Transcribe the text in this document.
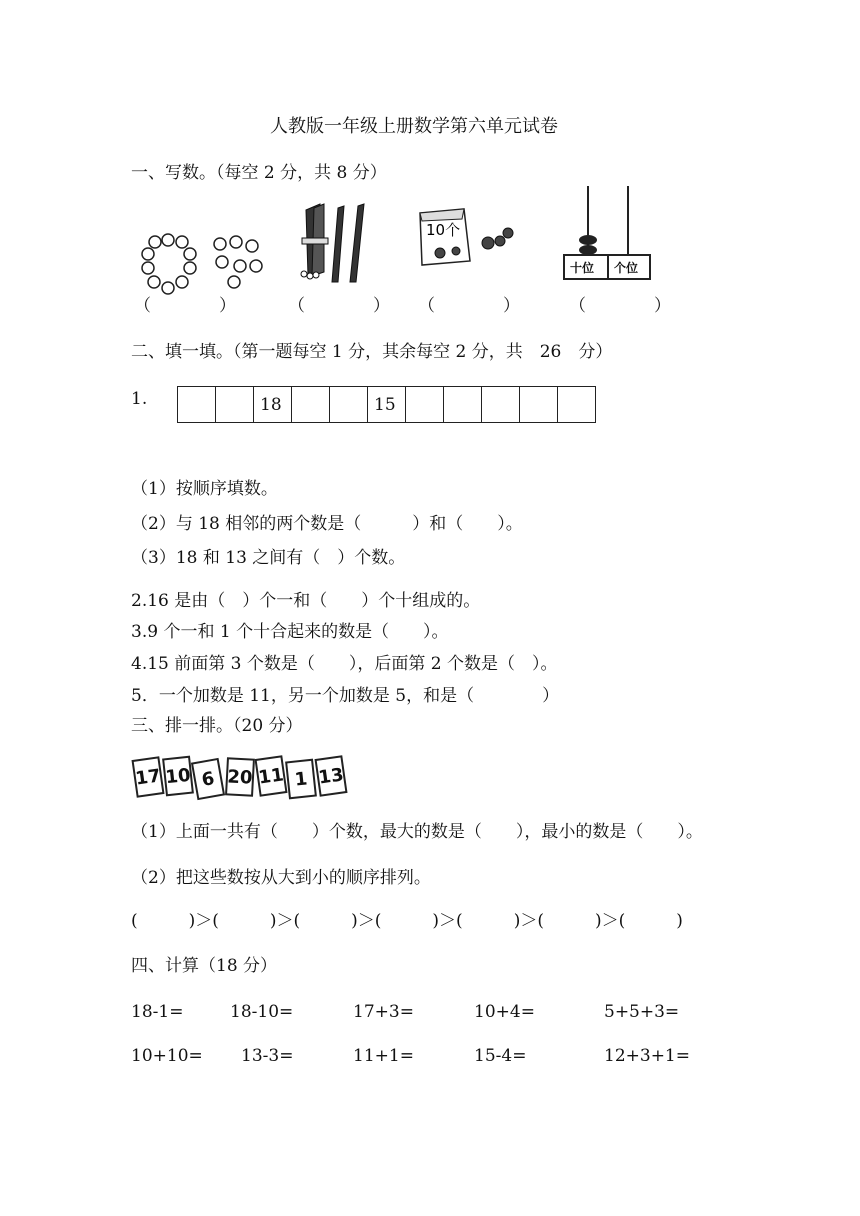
人教版一年级上册数学第六单元试卷
一、写数。（每空 2 分，共 8 分）
10个
十位 个位
（　　　　）	（　　　　） （　　　　）	（　　　　）
二、填一填。（第一题每空 1 分，其余每空 2 分，共　26　分）
1.
			18			15					
（1）按顺序填数。
（2）与 18 相邻的两个数是（　　　）和（　　）。
（3）18 和 13 之间有（　）个数。
2.16 是由（　）个一和（　　）个十组成的。
3.9 个一和 1 个十合起来的数是（　　）。
4.15 前面第 3 个数是（　　），后面第 2 个数是（　）。
5．一个加数是 11，另一个加数是 5，和是（　　　　）
三、排一排。（20 分）
17 10 6 20 11 1 13
（1）上面一共有（　　）个数，最大的数是（　　），最小的数是（　　）。
（2）把这些数按从大到小的顺序排列。
(　　　)＞(　　　)＞(　　　)＞(　　　)＞(　　　)＞(　　　)＞(　　　)
四、计算（18 分）
18-1=	18-10=	17+3=	10+4=	5+5+3=
10+10= 13-3=	11+1=	15-4=	12+3+1=
